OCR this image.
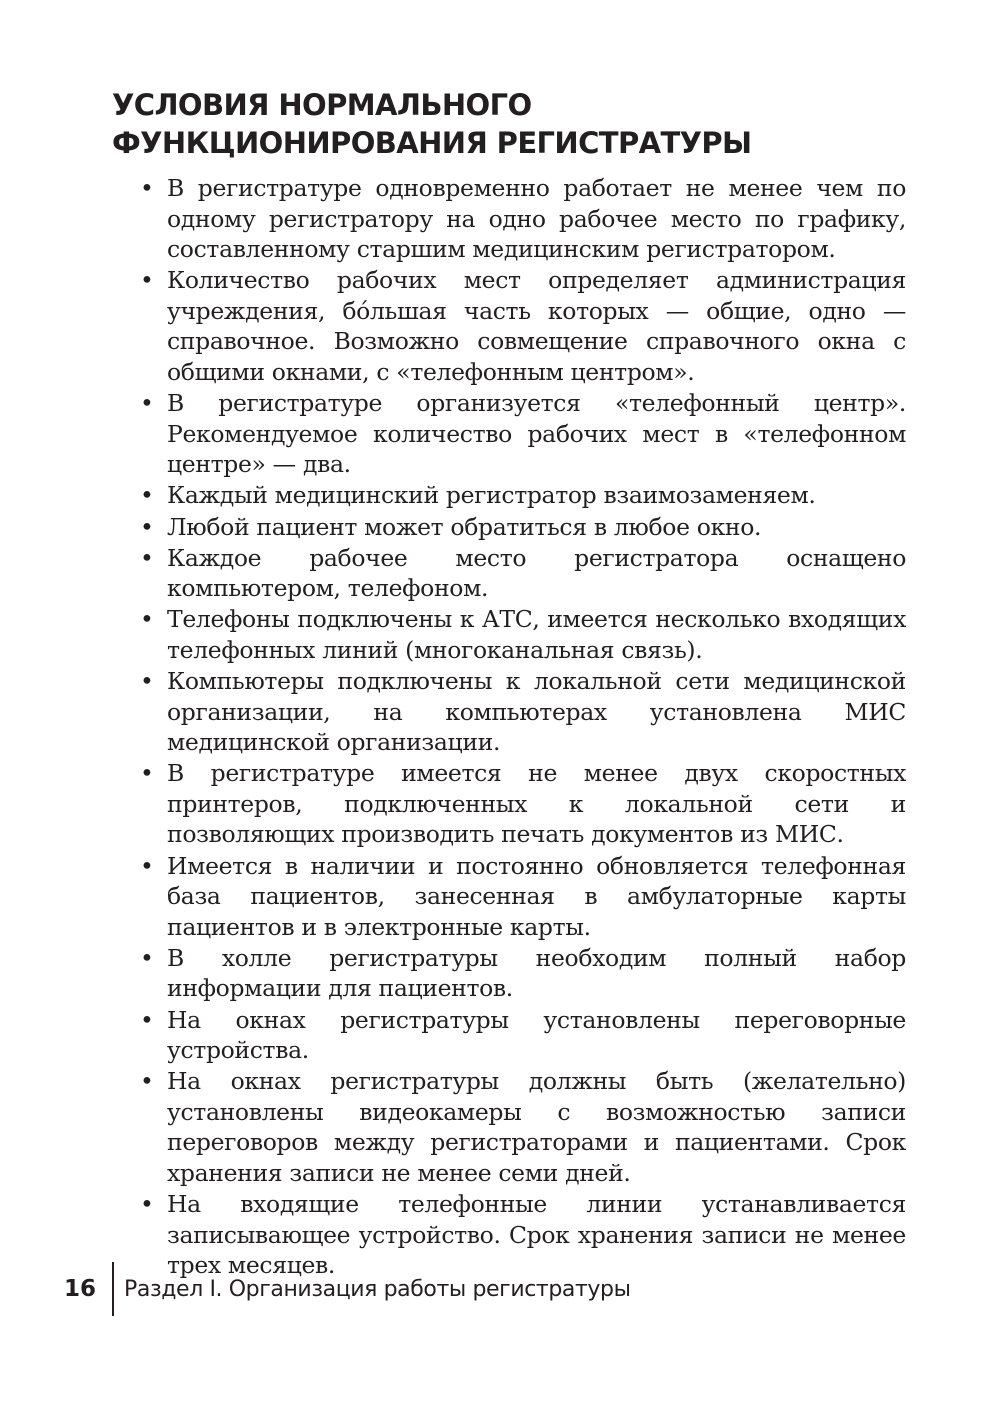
УСЛОВИЯ НОРМАЛЬНОГО ФУНКЦИОНИРОВАНИЯ РЕГИСТРАТУРЫ
• В регистратуре одновременно работает не менее чем по одному регистратору на одно рабочее место по графику, составленному старшим медицинским регистратором.
• Количество рабочих мест определяет администрация учреждения, бо́льшая часть которых — общие, одно — справочное. Возможно совмещение справочного окна с общими окнами, с «телефонным центром».
• В регистратуре организуется «телефонный центр». Рекомендуемое количество рабочих мест в «телефонном центре» — два.
• Каждый медицинский регистратор взаимозаменяем.
• Любой пациент может обратиться в любое окно.
• Каждое рабочее место регистратора оснащено компьютером, телефоном.
• Телефоны подключены к АТС, имеется несколько входящих телефонных линий (многоканальная связь).
• Компьютеры подключены к локальной сети медицинской организации, на компьютерах установлена МИС медицинской организации.
• В регистратуре имеется не менее двух скоростных принтеров, подключенных к локальной сети и позволяющих производить печать документов из МИС.
• Имеется в наличии и постоянно обновляется телефонная база пациентов, занесенная в амбулаторные карты пациентов и в электронные карты.
• В холле регистратуры необходим полный набор информации для пациентов.
• На окнах регистратуры установлены переговорные устройства.
• На окнах регистратуры должны быть (желательно) установлены видеокамеры с возможностью записи переговоров между регистраторами и пациентами. Срок хранения записи не менее семи дней.
• На входящие телефонные линии устанавливается записывающее устройство. Срок хранения записи не менее трех месяцев.
16 Раздел I. Организация работы регистратуры
